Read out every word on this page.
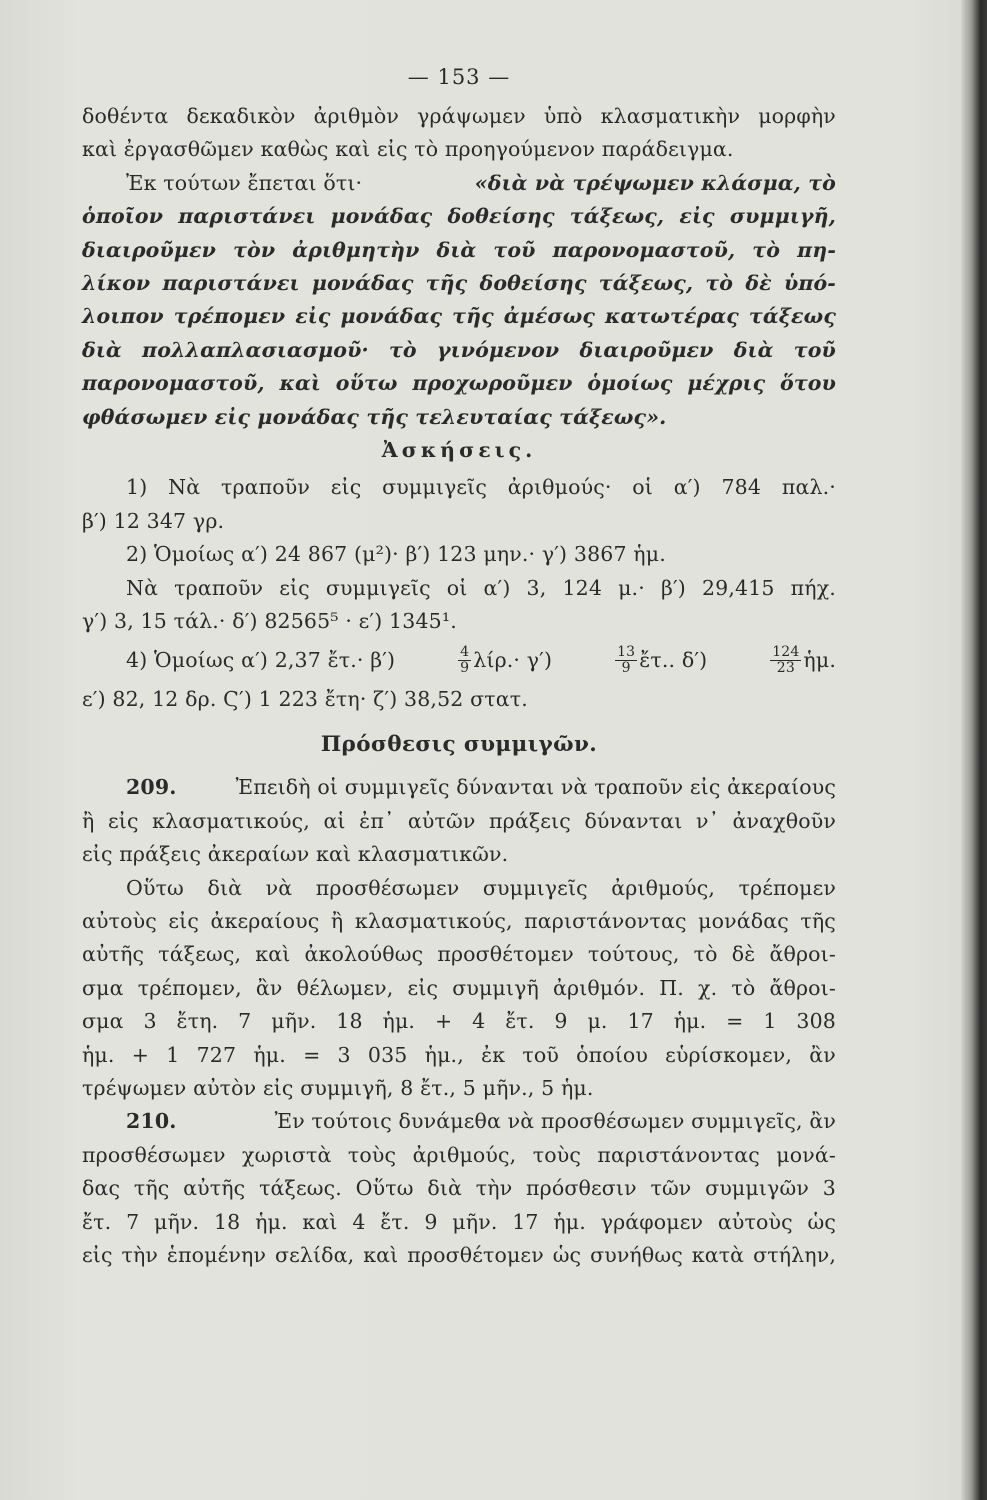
— 153 —
δοθέντα δεκαδικὸν ἀριθμὸν γράψωμεν ὑπὸ κλασματικὴν μορφὴν
καὶ ἐργασθῶμεν καθὼς καὶ εἰς τὸ προηγούμενον παράδειγμα.
Ἐκ τούτων ἔπεται ὅτι·	«διὰ νὰ τρέψωμεν κλάσμα, τὸ
ὁποῖον παριστάνει μονάδας δοθείσης τάξεως, εἰς συμμιγῆ,
διαιροῦμεν τὸν ἀριθμητὴν διὰ τοῦ παρονομαστοῦ, τὸ πη-
λίκον παριστάνει μονάδας τῆς δοθείσης τάξεως, τὸ δὲ ὑπό-
λοιπον τρέπομεν εἰς μονάδας τῆς ἀμέσως κατωτέρας τάξεως
διὰ πολλαπλασιασμοῦ· τὸ γινόμενον διαιροῦμεν διὰ τοῦ
παρονομαστοῦ, καὶ οὕτω προχωροῦμεν ὁμοίως μέχρις ὅτου
φθάσωμεν εἰς μονάδας τῆς τελευταίας τάξεως».
Ἀσκήσεις.
1) Νὰ τραποῦν εἰς συμμιγεῖς ἀριθμούς· οἱ α′) 784 παλ.·
β′) 12 347 γρ.
2) Ὁμοίως α′) 24 867 (μ²)· β′) 123 μην.· γ′) 3867 ἡμ.
Νὰ τραποῦν εἰς συμμιγεῖς οἱ α′) 3, 124 μ.· β′) 29,415 πήχ.
γ′) 3, 15 τάλ.· δ′) 82565⁵ · ε′) 1345¹.
4) Ὁμοίως α′) 2,37 ἔτ.· β′)	$\frac{4}{9} \lambda ί\rho.\cdot \gamma'$)	$\frac{13}{9}$ ἔτ.. δ′)	$\frac{124}{23}$ ἡμ.
ε′) 82, 12 δρ. Ϛ′) 1 223 ἔτη· ζ′) 38,52 στατ.
Πρόσθεσις συμμιγῶν.
209.	Ἐπειδὴ οἱ συμμιγεῖς δύνανται νὰ τραποῦν εἰς ἀκεραίους
ἢ εἰς κλασματικούς, αἱ ἐπ᾽ αὐτῶν πράξεις δύνανται ν᾽ ἀναχθοῦν
εἰς πράξεις ἀκεραίων καὶ κλασματικῶν.
Οὕτω διὰ νὰ προσθέσωμεν συμμιγεῖς ἀριθμούς, τρέπομεν
αὐτοὺς εἰς ἀκεραίους ἢ κλασματικούς, παριστάνοντας μονάδας τῆς
αὐτῆς τάξεως, καὶ ἀκολούθως προσθέτομεν τούτους, τὸ δὲ ἄθροι-
σμα τρέπομεν, ἂν θέλωμεν, εἰς συμμιγῆ ἀριθμόν. Π. χ. τὸ ἄθροι-
σμα 3 ἔτη. 7 μῆν. 18 ἡμ. + 4 ἔτ. 9 μ. 17 ἡμ. = 1 308
ἡμ. + 1 727 ἡμ. = 3 035 ἡμ., ἐκ τοῦ ὁποίου εὑρίσκομεν, ἂν
τρέψωμεν αὐτὸν εἰς συμμιγῆ, 8 ἔτ., 5 μῆν., 5 ἡμ.
210.	Ἐν τούτοις δυνάμεθα νὰ προσθέσωμεν συμμιγεῖς, ἂν
προσθέσωμεν χωριστὰ τοὺς ἀριθμούς, τοὺς παριστάνοντας μονά-
δας τῆς αὐτῆς τάξεως. Οὕτω διὰ τὴν πρόσθεσιν τῶν συμμιγῶν 3
ἔτ. 7 μῆν. 18 ἡμ. καὶ 4 ἔτ. 9 μῆν. 17 ἡμ. γράφομεν αὐτοὺς ὡς
εἰς τὴν ἑπομένην σελίδα, καὶ προσθέτομεν ὡς συνήθως κατὰ στήλην,
